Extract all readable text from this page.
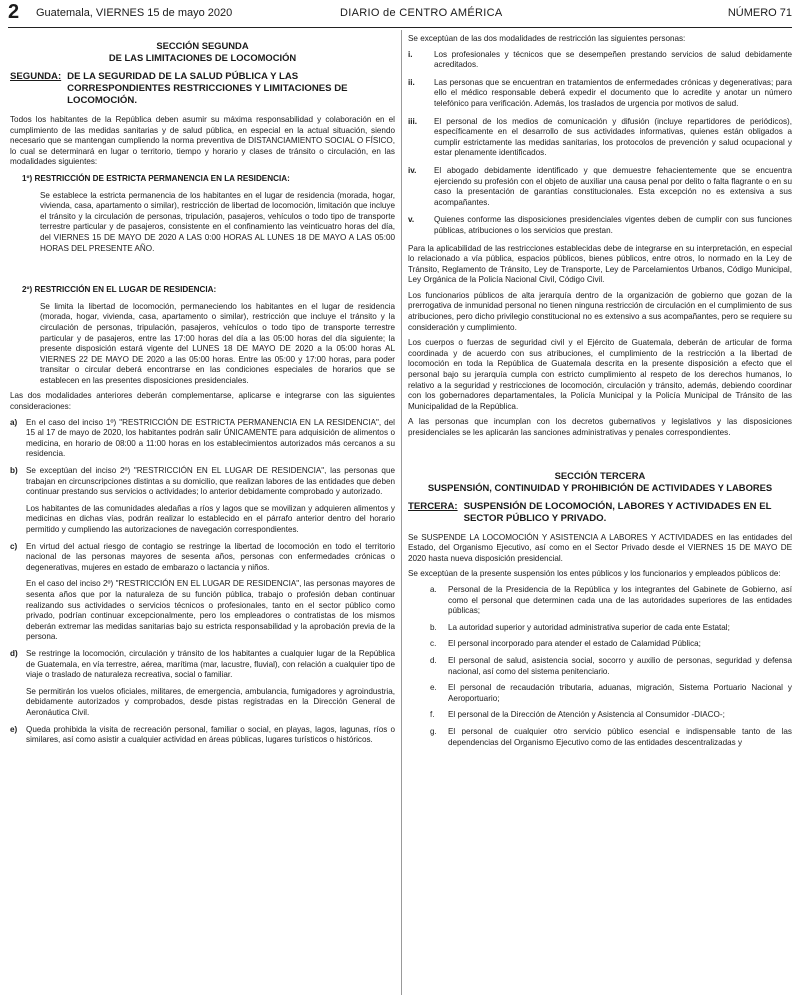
2 Guatemala, VIERNES 15 de mayo 2020	DIARIO de CENTRO AMÉRICA	NÚMERO 71
SECCIÓN SEGUNDA
DE LAS LIMITACIONES DE LOCOMOCIÓN
SEGUNDA: DE LA SEGURIDAD DE LA SALUD PÚBLICA Y LAS CORRESPONDIENTES RESTRICCIONES Y LIMITACIONES DE LOCOMOCIÓN.

Todos los habitantes de la República deben asumir su máxima responsabilidad y colaboración en el cumplimiento de las medidas sanitarias y de salud pública, en especial en la actual situación, siendo necesario que se mantengan cumpliendo la norma preventiva de DISTANCIAMIENTO SOCIAL O FÍSICO, lo cual se determinará en lugar o territorio, tiempo y horario y clases de tránsito o circulación, en las modalidades siguientes:

1º) RESTRICCIÓN DE ESTRICTA PERMANENCIA EN LA RESIDENCIA:

Se establece la estricta permanencia de los habitantes en el lugar de residencia (morada, hogar, vivienda, casa, apartamento o similar), restricción de libertad de locomoción, limitación que incluye el tránsito y la circulación de personas, tripulación, pasajeros, vehículos o todo tipo de transporte terrestre particular y de pasajeros, consistente en el confinamiento las veinticuatro horas del día, del VIERNES 15 DE MAYO DE 2020 A LAS 0:00 HORAS AL LUNES 18 DE MAYO A LAS 05:00 HORAS DEL PRESENTE AÑO.

2º) RESTRICCIÓN EN EL LUGAR DE RESIDENCIA:

Se limita la libertad de locomoción, permaneciendo los habitantes en el lugar de residencia (morada, hogar, vivienda, casa, apartamento o similar), restricción que incluye el tránsito y la circulación de personas, tripulación, pasajeros, vehículos o todo tipo de transporte terrestre particular y de pasajeros, entre las 17:00 horas del día a las 05:00 horas del día siguiente; la presente disposición estará vigente del LUNES 18 DE MAYO DE 2020 a la 05:00 horas AL VIERNES 22 DE MAYO DE 2020 a las 05:00 horas. Entre las 05:00 y 17:00 horas, para poder transitar o circular deberá encontrarse en las condiciones especiales de horarios que se establecen en las presentes disposiciones presidenciales.

Las dos modalidades anteriores deberán complementarse, aplicarse e integrarse con las siguientes consideraciones:

a)	En el caso del inciso 1º) "RESTRICCIÓN DE ESTRICTA PERMANENCIA EN LA RESIDENCIA", del 15 al 17 de mayo de 2020, los habitantes podrán salir ÚNICAMENTE para adquisición de alimentos o medicina, en horario de 08:00 a 11:00 horas en los establecimientos autorizados más cercanos a su residencia.
b)	Se exceptúan del inciso 2º) "RESTRICCIÓN EN EL LUGAR DE RESIDENCIA", las personas que trabajan en circunscripciones distintas a su domicilio, que realizan labores de las entidades que deben continuar prestando sus servicios o actividades; lo anterior debidamente comprobado y autorizado.
Los habitantes de las comunidades aledañas a ríos y lagos que se movilizan y adquieren alimentos y medicinas en dichas vías, podrán realizar lo establecido en el párrafo anterior dentro del horario permitido y cumpliendo las autorizaciones de navegación correspondientes.
c)	En virtud del actual riesgo de contagio se restringe la libertad de locomoción en todo el territorio nacional de las personas mayores de sesenta años, personas con enfermedades crónicas o degenerativas, mujeres en estado de embarazo o lactancia y niños.
En el caso del inciso 2º) "RESTRICCIÓN EN EL LUGAR DE RESIDENCIA", las personas mayores de sesenta años que por la naturaleza de su función pública, trabajo o profesión deban continuar realizando sus actividades o servicios técnicos o profesionales, tanto en el sector público como privado, podrían continuar excepcionalmente, pero los empleadores o contratistas de los mismos deberán extremar las medidas sanitarias bajo su estricta responsabilidad y la aprobación previa de la persona.
d)	Se restringe la locomoción, circulación y tránsito de los habitantes a cualquier lugar de la República de Guatemala, en vía terrestre, aérea, marítima (mar, lacustre, fluvial), con relación a cualquier tipo de viaje o traslado de naturaleza recreativa, social o familiar.
Se permitirán los vuelos oficiales, militares, de emergencia, ambulancia, fumigadores y agroindustria, debidamente autorizados y comprobados, desde pistas registradas en la Dirección General de Aeronáutica Civil.
e)	Queda prohibida la visita de recreación personal, familiar o social, en playas, lagos, lagunas, ríos o similares, así como asistir a cualquier actividad en áreas públicas, lugares turísticos o históricos.

Se exceptúan de las dos modalidades de restricción las siguientes personas:

i.	Los profesionales y técnicos que se desempeñen prestando servicios de salud debidamente acreditados.
ii.	Las personas que se encuentran en tratamientos de enfermedades crónicas y degenerativas; para ello el médico responsable deberá expedir el documento que lo acredite y anotar un número telefónico para verificación. Además, los traslados de urgencia por motivos de salud.
iii.	El personal de los medios de comunicación y difusión (incluye repartidores de periódicos), específicamente en el desarrollo de sus actividades informativas, quienes están obligados a cumplir estrictamente las medidas sanitarias, los protocolos de prevención y salud ocupacional y estar plenamente identificados.
iv.	El abogado debidamente identificado y que demuestre fehacientemente que se encuentra ejerciendo su profesión con el objeto de auxiliar una causa penal por delito o falta flagrante o en su caso la presentación de garantías constitucionales. Esta excepción no es extensiva a sus acompañantes.
v.	Quienes conforme las disposiciones presidenciales vigentes deben de cumplir con sus funciones públicas, atribuciones o los servicios que prestan.

Para la aplicabilidad de las restricciones establecidas debe de integrarse en su interpretación, en especial lo relacionado a vía pública, espacios públicos, bienes públicos, entre otros, lo normado en la Ley de Tránsito, Reglamento de Tránsito, Ley de Transporte, Ley de Parcelamientos Urbanos, Código Municipal, Ley Orgánica de la Policía Nacional Civil, Código Civil.

Los funcionarios públicos de alta jerarquía dentro de la organización de gobierno que gozan de la prerrogativa de inmunidad personal no tienen ninguna restricción de circulación en el cumplimiento de sus atribuciones, pero dicho privilegio constitucional no es extensivo a sus acompañantes, pero se requiere su consideración y cumplimiento.

Los cuerpos o fuerzas de seguridad civil y el Ejército de Guatemala, deberán de articular de forma coordinada y de acuerdo con sus atribuciones, el cumplimiento de la restricción a la libertad de locomoción en toda la República de Guatemala descrita en la presente disposición a efecto que el personal bajo su jerarquía cumpla con estricto cumplimiento al respeto de los derechos humanos, lo relativo a la seguridad y restricciones de locomoción, circulación y tránsito, además, debiendo coordinar con los gobernadores departamentales, la Policía Municipal y la Policía Municipal de Tránsito de las Municipalidad de la República.

A las personas que incumplan con los decretos gubernativos y legislativos y las disposiciones presidenciales se les aplicarán las sanciones administrativas y penales correspondientes.

SECCIÓN TERCERA
SUSPENSIÓN, CONTINUIDAD Y PROHIBICIÓN DE ACTIVIDADES Y LABORES
TERCERA: SUSPENSIÓN DE LOCOMOCIÓN, LABORES Y ACTIVIDADES EN EL SECTOR PÚBLICO Y PRIVADO.

Se SUSPENDE LA LOCOMOCIÓN Y ASISTENCIA A LABORES Y ACTIVIDADES en las entidades del Estado, del Organismo Ejecutivo, así como en el Sector Privado desde el VIERNES 15 DE MAYO DE 2020 hasta nueva disposición presidencial.

Se exceptúan de la presente suspensión los entes públicos y los funcionarios y empleados públicos de:

a.	Personal de la Presidencia de la República y los integrantes del Gabinete de Gobierno, así como el personal que determinen cada una de las autoridades superiores de las entidades públicas;
b.	La autoridad superior y autoridad administrativa superior de cada ente Estatal;
c.	El personal incorporado para atender el estado de Calamidad Pública;
d.	El personal de salud, asistencia social, socorro y auxilio de personas, seguridad y defensa nacional, así como del sistema penitenciario.
e.	El personal de recaudación tributaria, aduanas, migración, Sistema Portuario Nacional y Aeroportuario;
f.	El personal de la Dirección de Atención y Asistencia al Consumidor -DIACO-;
g.	El personal de cualquier otro servicio público esencial e indispensable tanto de las dependencias del Organismo Ejecutivo como de las entidades descentralizadas y
